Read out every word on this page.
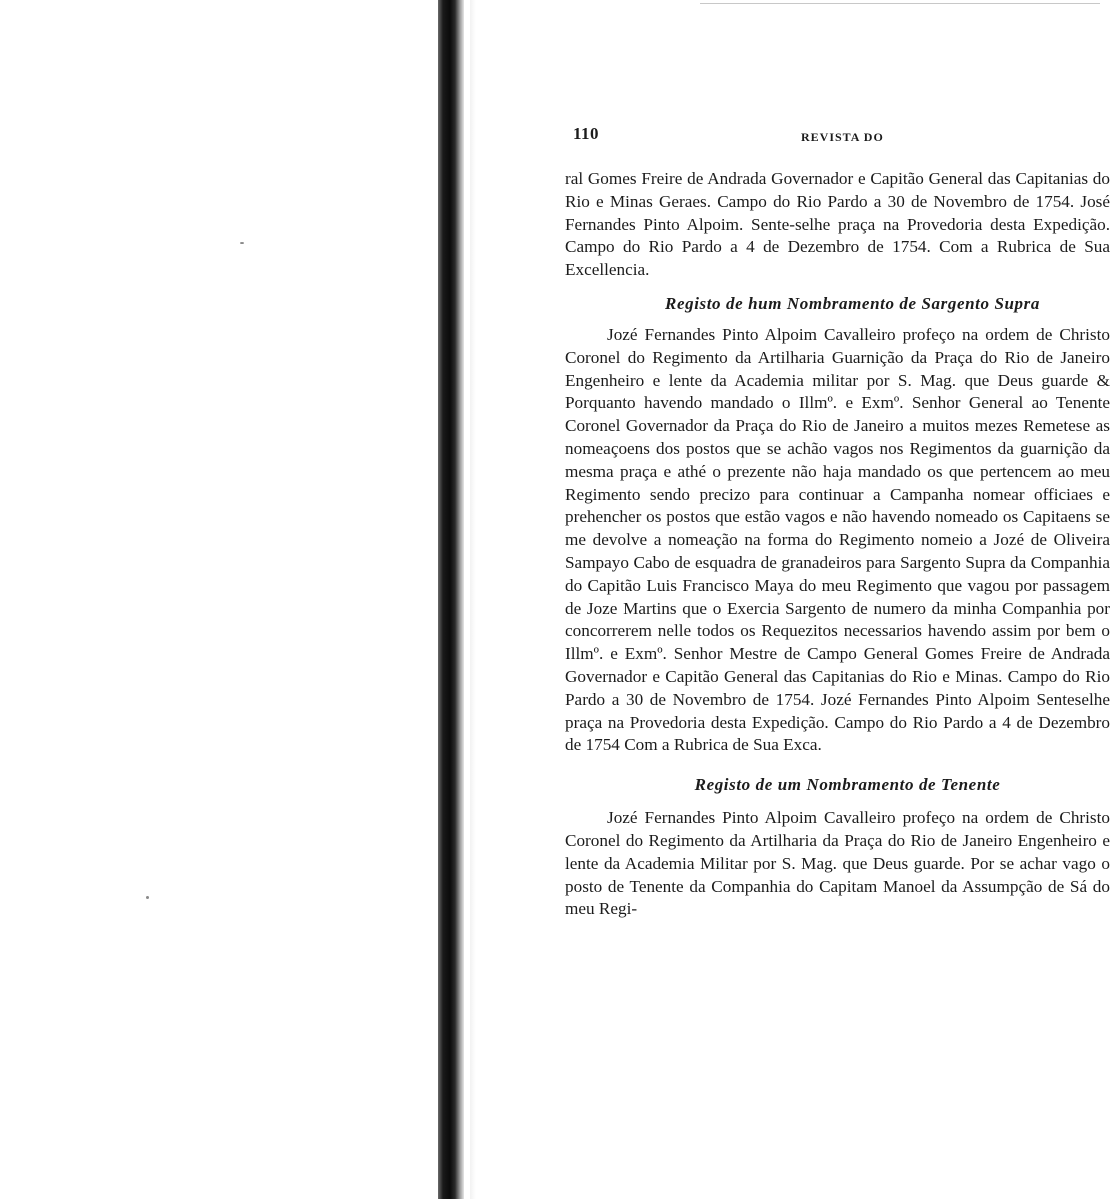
110	REVISTA DO

ral Gomes Freire de Andrada Governador e Capitão General das Capitanias do Rio e Minas Geraes. Campo do Rio Pardo a 30 de Novembro de 1754. José Fernandes Pinto Alpoim. Sente-selhe praça na Provedoria desta Expedição. Campo do Rio Pardo a 4 de Dezembro de 1754. Com a Rubrica de Sua Excellencia.

Registo de hum Nombramento de Sargento Supra

Jozé Fernandes Pinto Alpoim Cavalleiro profeço na ordem de Christo Coronel do Regimento da Artilharia Guarnição da Praça do Rio de Janeiro Engenheiro e lente da Academia militar por S. Mag. que Deus guarde & Porquanto havendo mandado o Illmº. e Exmº. Senhor General ao Tenente Coronel Governador da Praça do Rio de Janeiro a muitos mezes Remetese as nomeaçoens dos postos que se achão vagos nos Regimentos da guarnição da mesma praça e athé o prezente não haja mandado os que pertencem ao meu Regimento sendo precizo para continuar a Campanha nomear officiaes e prehencher os postos que estão vagos e não havendo nomeado os Capitaens se me devolve a nomeação na forma do Regimento nomeio a Jozé de Oliveira Sampayo Cabo de esquadra de granadeiros para Sargento Supra da Companhia do Capitão Luis Francisco Maya do meu Regimento que vagou por passagem de Joze Martins que o Exercia Sargento de numero da minha Companhia por concorrerem nelle todos os Requezitos necessarios havendo assim por bem o Illmº. e Exmº. Senhor Mestre de Campo General Gomes Freire de Andrada Governador e Capitão General das Capitanias do Rio e Minas. Campo do Rio Pardo a 30 de Novembro de 1754. Jozé Fernandes Pinto Alpoim Senteselhe praça na Provedoria desta Expedição. Campo do Rio Pardo a 4 de Dezembro de 1754 Com a Rubrica de Sua Exca.

Registo de um Nombramento de Tenente

Jozé Fernandes Pinto Alpoim Cavalleiro profeço na ordem de Christo Coronel do Regimento da Artilharia da Praça do Rio de Janeiro Engenheiro e lente da Academia Militar por S. Mag. que Deus guarde. Por se achar vago o posto de Tenente da Companhia do Capitam Manoel da Assumpção de Sá do meu Regi-
